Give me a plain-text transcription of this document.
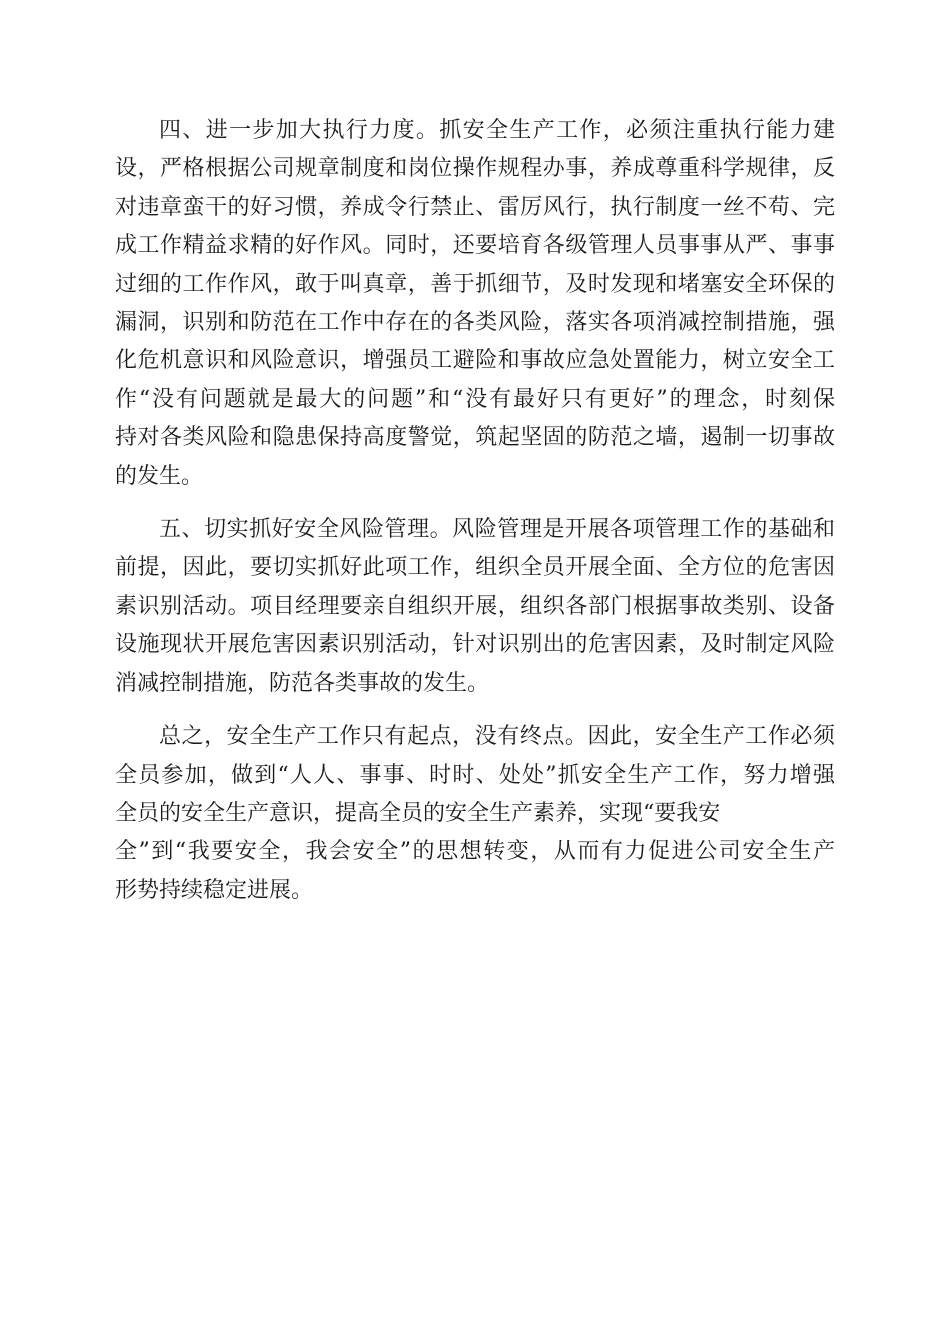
四、进一步加大执行力度。抓安全生产工作，必须注重执行能力建
设，严格根据公司规章制度和岗位操作规程办事，养成尊重科学规律，反
对违章蛮干的好习惯，养成令行禁止、雷厉风行，执行制度一丝不苟、完
成工作精益求精的好作风。同时，还要培育各级管理人员事事从严、事事
过细的工作作风，敢于叫真章，善于抓细节，及时发现和堵塞安全环保的
漏洞，识别和防范在工作中存在的各类风险，落实各项消减控制措施，强
化危机意识和风险意识，增强员工避险和事故应急处置能力，树立安全工
作“没有问题就是最大的问题”和“没有最好只有更好”的理念，时刻保
持对各类风险和隐患保持高度警觉，筑起坚固的防范之墙，遏制一切事故
的发生。
五、切实抓好安全风险管理。风险管理是开展各项管理工作的基础和
前提，因此，要切实抓好此项工作，组织全员开展全面、全方位的危害因
素识别活动。项目经理要亲自组织开展，组织各部门根据事故类别、设备
设施现状开展危害因素识别活动，针对识别出的危害因素，及时制定风险
消减控制措施，防范各类事故的发生。
总之，安全生产工作只有起点，没有终点。因此，安全生产工作必须
全员参加，做到“人人、事事、时时、处处”抓安全生产工作，努力增强
全员的安全生产意识，提高全员的安全生产素养，实现“要我安
全”到“我要安全，我会安全”的思想转变，从而有力促进公司安全生产
形势持续稳定进展。
